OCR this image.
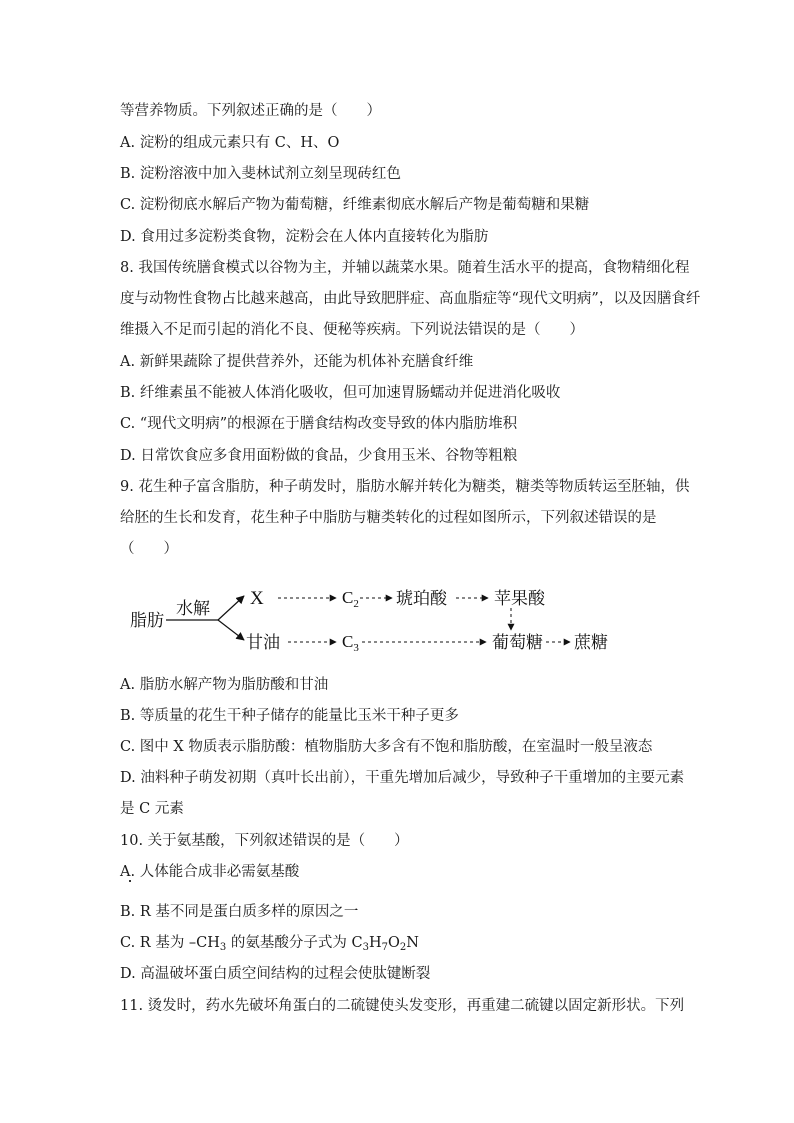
等营养物质。下列叙述正确的是（　　）
A. 淀粉的组成元素只有 C、H、O
B. 淀粉溶液中加入斐林试剂立刻呈现砖红色
C. 淀粉彻底水解后产物为葡萄糖，纤维素彻底水解后产物是葡萄糖和果糖
D. 食用过多淀粉类食物，淀粉会在人体内直接转化为脂肪
8. 我国传统膳食模式以谷物为主，并辅以蔬菜水果。随着生活水平的提高，食物精细化程
度与动物性食物占比越来越高，由此导致肥胖症、高血脂症等“现代文明病”，以及因膳食纤
维摄入不足而引起的消化不良、便秘等疾病。下列说法错误的是（　　）
A. 新鲜果蔬除了提供营养外，还能为机体补充膳食纤维
B. 纤维素虽不能被人体消化吸收，但可加速胃肠蠕动并促进消化吸收
C. “现代文明病”的根源在于膳食结构改变导致的体内脂肪堆积
D. 日常饮食应多食用面粉做的食品，少食用玉米、谷物等粗粮
9. 花生种子富含脂肪，种子萌发时，脂肪水解并转化为糖类，糖类等物质转运至胚轴，供
给胚的生长和发育，花生种子中脂肪与糖类转化的过程如图所示，下列叙述错误的是
（　　）
脂肪
水解 X	$C_2$ 琥珀酸	苹果酸
甘油	$C_3$	葡萄糖 蔗糖
A. 脂肪水解产物为脂肪酸和甘油
B. 等质量的花生干种子储存的能量比玉米干种子更多
C. 图中 X 物质表示脂肪酸：植物脂肪大多含有不饱和脂肪酸，在室温时一般呈液态
D. 油料种子萌发初期（真叶长出前），干重先增加后减少，导致种子干重增加的主要元素
是 C 元素
10. 关于氨基酸，下列叙述错误的是（　　）
A. 人体能合成非必需氨基酸
B. R 基不同是蛋白质多样的原因之一
C. R 基为 $-CH_3$ 的氨基酸分子式为 $C_3H_7O_2N$
D. 高温破坏蛋白质空间结构的过程会使肽键断裂
11. 烫发时，药水先破坏角蛋白的二硫键使头发变形，再重建二硫键以固定新形状。下列
